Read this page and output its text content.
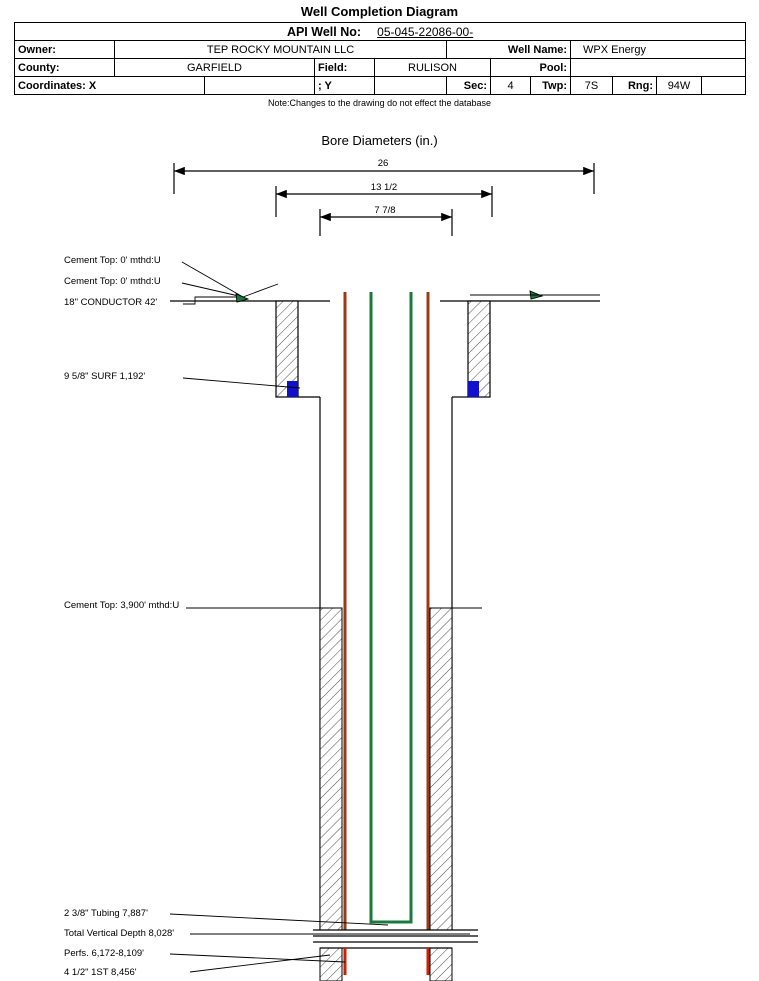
Well Completion Diagram
API Well No: 05-045-22086-00-											
Owner:	TEP ROCKY MOUNTAIN LLC				Well Name:			WPX Energy			
County:	GARFIELD		Field:	RULISON		Pool:					
Coordinates: X			; Y		Sec:	4	Twp:	7S	Rng:	94W	
Note:Changes to the drawing do not effect the database
Bore Diameters (in.)
26
13 1/2
7 7/8
Cement Top: 0' mthd:U
Cement Top: 0' mthd:U
18" CONDUCTOR 42'
9 5/8" SURF 1,192'
Cement Top: 3,900' mthd:U
2 3/8" Tubing 7,887'
Total Vertical Depth 8,028'
Perfs. 6,172-8,109'
4 1/2" 1ST 8,456'
